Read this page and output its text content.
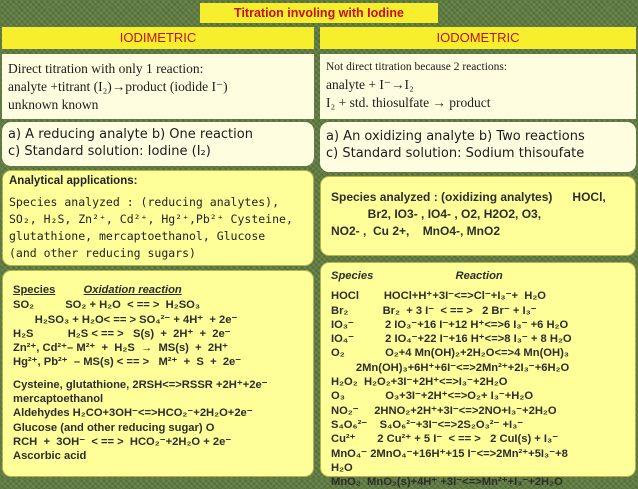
Titration involing with Iodine
IODIMETRIC	IODOMETRIC
Direct titration with only 1 reaction:
analyte +titrant (I₂)→product (iodide I⁻)
unknown known
Not direct titration because 2 reactions:
analyte + I⁻→I₂
I₂ + std. thiosulfate → product
a) A reducing analyte b) One reaction
c) Standard solution: Iodine (I₂)
a) An oxidizing analyte b) Two reactions
c) Standard solution: Sodium thisoufate
Analytical applications:
Species analyzed : (reducing analytes),
SO₂, H₂S, Zn²⁺, Cd²⁺, Hg²⁺,Pb²⁺ Cysteine,
glutathione, mercaptoethanol, Glucose
(and other reducing sugars)
Species analyzed : (oxidizing analytes)      HOCl,
Br2, IO3- , IO4- , O2, H2O2, O3,
NO2- ,  Cu 2+,    MnO4-, MnO2
Species	Oxidation reaction
SO₂          SO₂ + H₂O  < == >  H₂SO₃
H₂SO₃ + H₂O< == > SO₄²⁻ + 4H⁺  + 2e⁻
H₂S           H₂S < == >   S(s)  +  2H⁺  +  2e⁻
Zn²⁺, Cd²⁺– M²⁺  +  H₂S  →  MS(s)  +  2H⁺
Hg²⁺, Pb²⁺  – MS(s) < == >   M²⁺  +  S  +  2e⁻
Cysteine, glutathione, 2RSH<=>RSSR +2H⁺+2e⁻
mercaptoethanol
Aldehydes H₂CO+3OH⁻<=>HCO₂⁻+2H₂O+2e⁻
Glucose (and other reducing sugar) O
RCH  +  3OH⁻  < == >  HCO₂⁻+2H₂O + 2e⁻
Ascorbic acid
Species	Reaction
HOCl        HOCl+H⁺+3I⁻<=>Cl⁻+I₃⁻+  H₂O
Br₂           Br₂  + 3 I⁻  < == >   2 Br⁻ + I₃⁻
IO₃⁻          2 IO₃⁻+16 I⁻+12 H⁺<=>6 I₃⁻ +6 H₂O
IO₄⁻          2 IO₄⁻+22 I⁻+16 H⁺<=>8 I₃⁻ + 8 H₂O
O₂             O₂+4 Mn(OH)₂+2H₂O<=>4 Mn(OH)₃
2Mn(OH)₃+6H⁺+6I⁻<=>2Mn²⁺+2I₃⁻+6H₂O
H₂O₂  H₂O₂+3I⁻+2H⁺<=>I₃⁻+2H₂O
O₃             O₃+3I⁻+2H⁺<=>O₂+ I₃⁻+H₂O
NO₂⁻     2HNO₂+2H⁺+3I⁻<=>2NO+I₃⁻+2H₂O
S₄O₆²⁻    S₄O₆²⁻+3I⁻<=>2S₂O₃²⁻ +I₃⁻
Cu²⁺       2 Cu²⁺ + 5 I⁻  < == >   2 CuI(s) + I₃⁻
MnO₄⁻ 2MnO₄⁻+16H⁺+15 I⁻<=>2Mn²⁺+5I₃⁻+8
H₂O
MnO₂  MnO₂(s)+4H⁺ +3I⁻<=>Mn²⁺+I₃⁻+2H₂O
